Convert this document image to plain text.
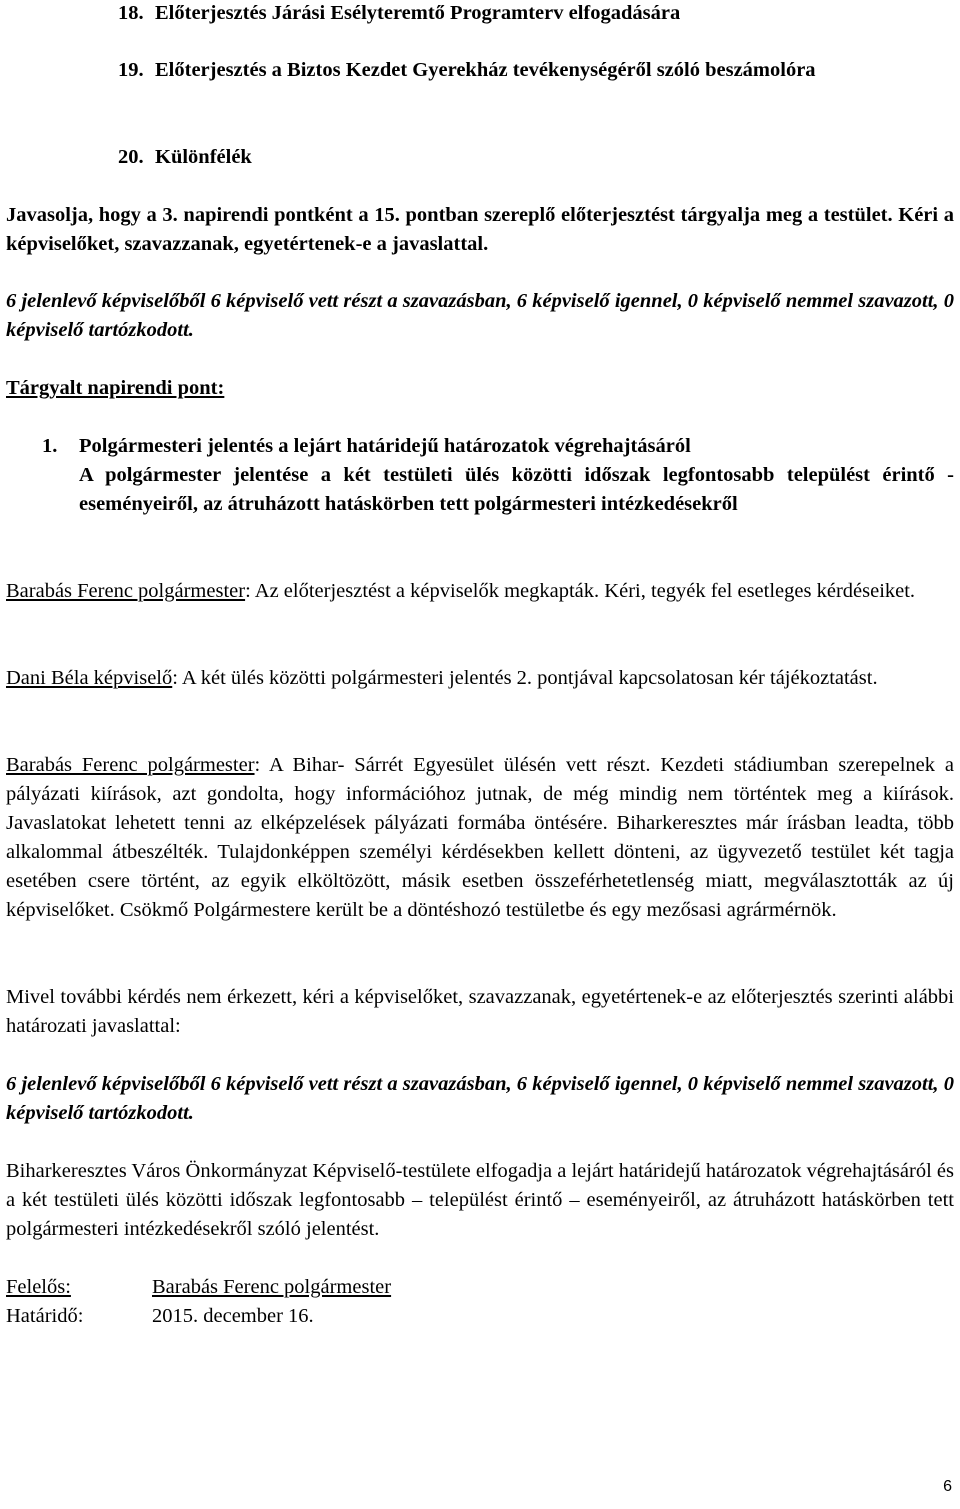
18. Előterjesztés Járási Esélyteremtő Programterv elfogadására
19. Előterjesztés a Biztos Kezdet Gyerekház tevékenységéről szóló beszámolóra
20. Különfélék
Javasolja, hogy a 3. napirendi pontként a 15. pontban szereplő előterjesztést tárgyalja meg a testület. Kéri a képviselőket, szavazzanak, egyetértenek-e a javaslattal.
6 jelenlevő képviselőből 6 képviselő vett részt a szavazásban, 6 képviselő igennel, 0 képviselő nemmel szavazott, 0 képviselő tartózkodott.
Tárgyalt napirendi pont:
1.	Polgármesteri jelentés a lejárt határidejű határozatok végrehajtásáról
A polgármester jelentése a két testületi ülés közötti időszak legfontosabb települést érintő - eseményeiről, az átruházott hatáskörben tett polgármesteri intézkedésekről
Barabás Ferenc polgármester: Az előterjesztést a képviselők megkapták. Kéri, tegyék fel esetleges kérdéseiket.
Dani Béla képviselő: A két ülés közötti polgármesteri jelentés 2. pontjával kapcsolatosan kér tájékoztatást.
Barabás Ferenc polgármester: A Bihar- Sárrét Egyesület ülésén vett részt. Kezdeti stádiumban szerepelnek a pályázati kiírások, azt gondolta, hogy információhoz jutnak, de még mindig nem történtek meg a kiírások. Javaslatokat lehetett tenni az elképzelések pályázati formába öntésére. Biharkeresztes már írásban leadta, több alkalommal átbeszélték. Tulajdonképpen személyi kérdésekben kellett dönteni, az ügyvezető testület két tagja esetében csere történt, az egyik elköltözött, másik esetben összeférhetetlenség miatt, megválasztották az új képviselőket. Csökmő Polgármestere került be a döntéshozó testületbe és egy mezősasi agrármérnök.
Mivel további kérdés nem érkezett, kéri a képviselőket, szavazzanak, egyetértenek-e az előterjesztés szerinti alábbi határozati javaslattal:
6 jelenlevő képviselőből 6 képviselő vett részt a szavazásban, 6 képviselő igennel, 0 képviselő nemmel szavazott, 0 képviselő tartózkodott.
Biharkeresztes Város Önkormányzat Képviselő-testülete elfogadja a lejárt határidejű határozatok végrehajtásáról és a két testületi ülés közötti időszak legfontosabb – települést érintő – eseményeiről, az átruházott hatáskörben tett polgármesteri intézkedésekről szóló jelentést.
Felelős:	Barabás Ferenc polgármester
Határidő:	2015. december 16.
6
